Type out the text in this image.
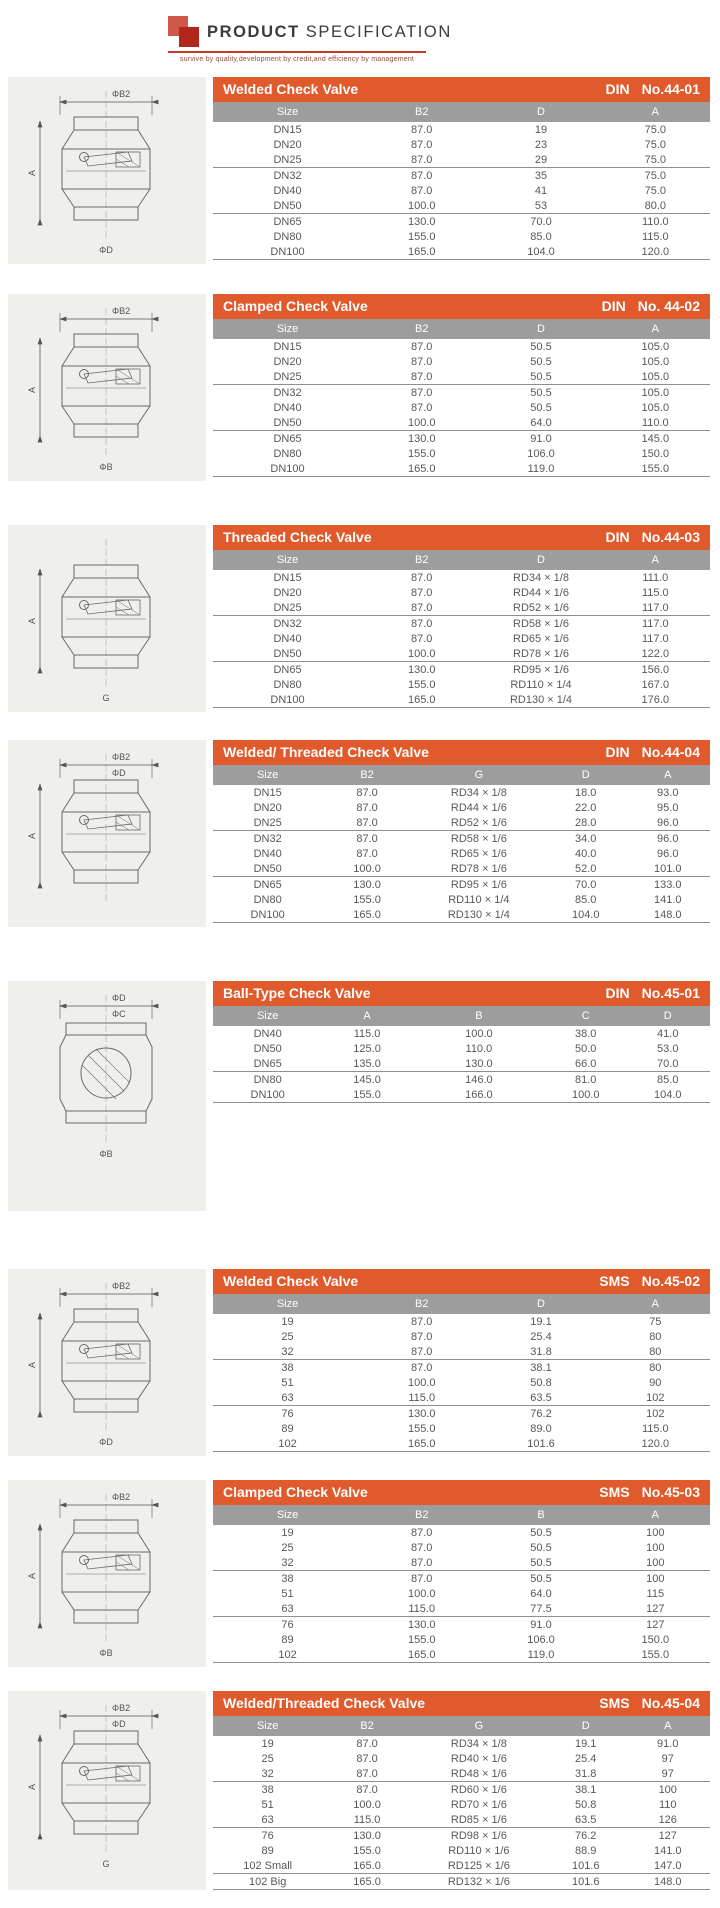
PRODUCT SPECIFICATION
survive by quality,development by credit,and efficiency by management
ΦB2
A
ΦD
Welded Check Valve	DIN No.44-01
Size	B2	D	A
DN15	87.0	19	75.0
DN20	87.0	23	75.0
DN25	87.0	29	75.0
DN32	87.0	35	75.0
DN40	87.0	41	75.0
DN50	100.0	53	80.0
DN65	130.0	70.0	110.0
DN80	155.0	85.0	115.0
DN100	165.0	104.0	120.0
ΦB2
A
ΦB
Clamped Check Valve	DIN No. 44-02
Size	B2	D	A
DN15	87.0	50.5	105.0
DN20	87.0	50.5	105.0
DN25	87.0	50.5	105.0
DN32	87.0	50.5	105.0
DN40	87.0	50.5	105.0
DN50	100.0	64.0	110.0
DN65	130.0	91.0	145.0
DN80	155.0	106.0	150.0
DN100	165.0	119.0	155.0
A
G
Threaded Check Valve	DIN No.44-03
Size	B2	D	A
DN15	87.0	RD34 × 1/8	111.0
DN20	87.0	RD44 × 1/6	115.0
DN25	87.0	RD52 × 1/6	117.0
DN32	87.0	RD58 × 1/6	117.0
DN40	87.0	RD65 × 1/6	117.0
DN50	100.0	RD78 × 1/6	122.0
DN65	130.0	RD95 × 1/6	156.0
DN80	155.0	RD110 × 1/4	167.0
DN100	165.0	RD130 × 1/4	176.0
ΦB2
ΦD
A
Welded/ Threaded Check Valve	DIN No.44-04
Size	B2	G	D	A
DN15	87.0	RD34 × 1/8	18.0	93.0
DN20	87.0	RD44 × 1/6	22.0	95.0
DN25	87.0	RD52 × 1/6	28.0	96.0
DN32	87.0	RD58 × 1/6	34.0	96.0
DN40	87.0	RD65 × 1/6	40.0	96.0
DN50	100.0	RD78 × 1/6	52.0	101.0
DN65	130.0	RD95 × 1/6	70.0	133.0
DN80	155.0	RD110 × 1/4	85.0	141.0
DN100	165.0	RD130 × 1/4	104.0	148.0
ΦD
ΦC
ΦB
Ball-Type Check Valve	DIN No.45-01
Size	A	B	C	D
DN40	115.0	100.0	38.0	41.0
DN50	125.0	110.0	50.0	53.0
DN65	135.0	130.0	66.0	70.0
DN80	145.0	146.0	81.0	85.0
DN100	155.0	166.0	100.0	104.0
ΦB2
A
ΦD
Welded Check Valve	SMS No.45-02
Size	B2	D	A
19	87.0	19.1	75
25	87.0	25.4	80
32	87.0	31.8	80
38	87.0	38.1	80
51	100.0	50.8	90
63	115.0	63.5	102
76	130.0	76.2	102
89	155.0	89.0	115.0
102	165.0	101.6	120.0
ΦB2
A
ΦB
Clamped Check Valve	SMS No.45-03
Size	B2	B	A
19	87.0	50.5	100
25	87.0	50.5	100
32	87.0	50.5	100
38	87.0	50.5	100
51	100.0	64.0	115
63	115.0	77.5	127
76	130.0	91.0	127
89	155.0	106.0	150.0
102	165.0	119.0	155.0
ΦB2
ΦD
A
G
Welded/Threaded Check Valve	SMS No.45-04
Size	B2	G	D	A
19	87.0	RD34 × 1/8	19.1	91.0
25	87.0	RD40 × 1/6	25.4	97
32	87.0	RD48 × 1/6	31.8	97
38	87.0	RD60 × 1/6	38.1	100
51	100.0	RD70 × 1/6	50.8	110
63	115.0	RD85 × 1/6	63.5	126
76	130.0	RD98 × 1/6	76.2	127
89	155.0	RD110 × 1/6	88.9	141.0
102 Small	165.0	RD125 × 1/6	101.6	147.0
102 Big	165.0	RD132 × 1/6	101.6	148.0
